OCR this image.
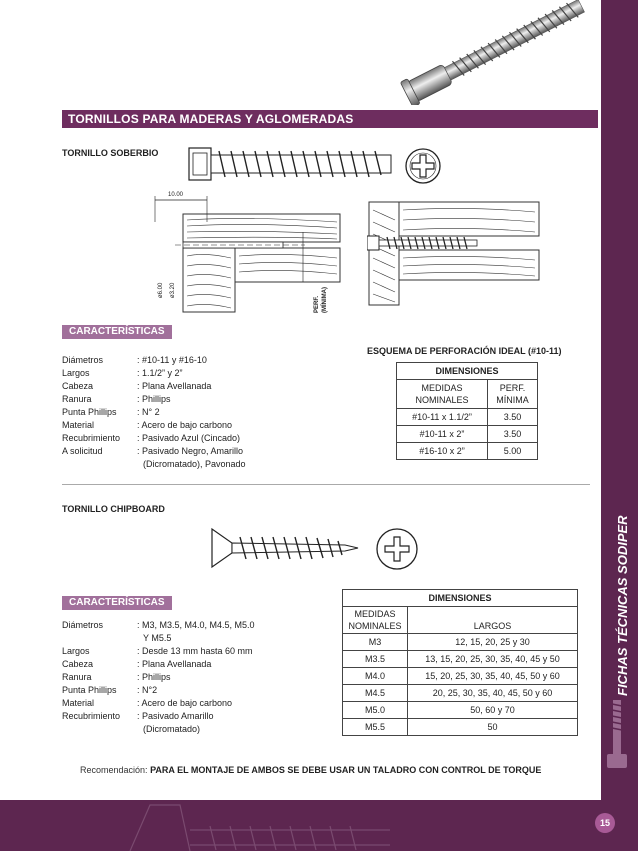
FICHAS TÉCNICAS SODIPER
TORNILLOS PARA MADERAS Y AGLOMERADAS
TORNILLO SOBERBIO
10.00
ø6.00 ø3.20
PERF. (MÍNIMA)
CARACTERÍSTICAS
Diámetros	: #10-11 y #16-10
Largos	: 1.1/2” y 2”
Cabeza	: Plana Avellanada
Ranura	: Phillips
Punta Phillips : N° 2
Material	: Acero de bajo carbono
Recubrimiento : Pasivado Azul (Cincado)
A solicitud	: Pasivado Negro, Amarillo
(Dicromatado), Pavonado
ESQUEMA DE PERFORACIÓN IDEAL (#10-11)
DIMENSIONES	
MEDIDAS
NOMINALES	PERF.
MÍNIMA
#10-11 x 1.1/2”	3.50
#10-11 x 2”	3.50
#16-10 x 2”	5.00
TORNILLO CHIPBOARD
CARACTERÍSTICAS
Diámetros	: M3, M3.5, M4.0, M4.5, M5.0
Y M5.5
Largos	: Desde 13 mm hasta 60 mm
Cabeza	: Plana Avellanada
Ranura	: Phillips
Punta Phillips : N°2
Material	: Acero de bajo carbono
Recubrimiento : Pasivado Amarillo
(Dicromatado)
DIMENSIONES	
MEDIDAS
NOMINALES	LARGOS
M3	12, 15, 20, 25 y 30
M3.5	13, 15, 20, 25, 30, 35, 40, 45 y 50
M4.0	15, 20, 25, 30, 35, 40, 45, 50 y 60
M4.5	20, 25, 30, 35, 40, 45, 50 y 60
M5.0	50, 60 y 70
M5.5	50
Recomendación: PARA EL MONTAJE DE AMBOS SE DEBE USAR UN TALADRO CON CONTROL DE TORQUE
15
